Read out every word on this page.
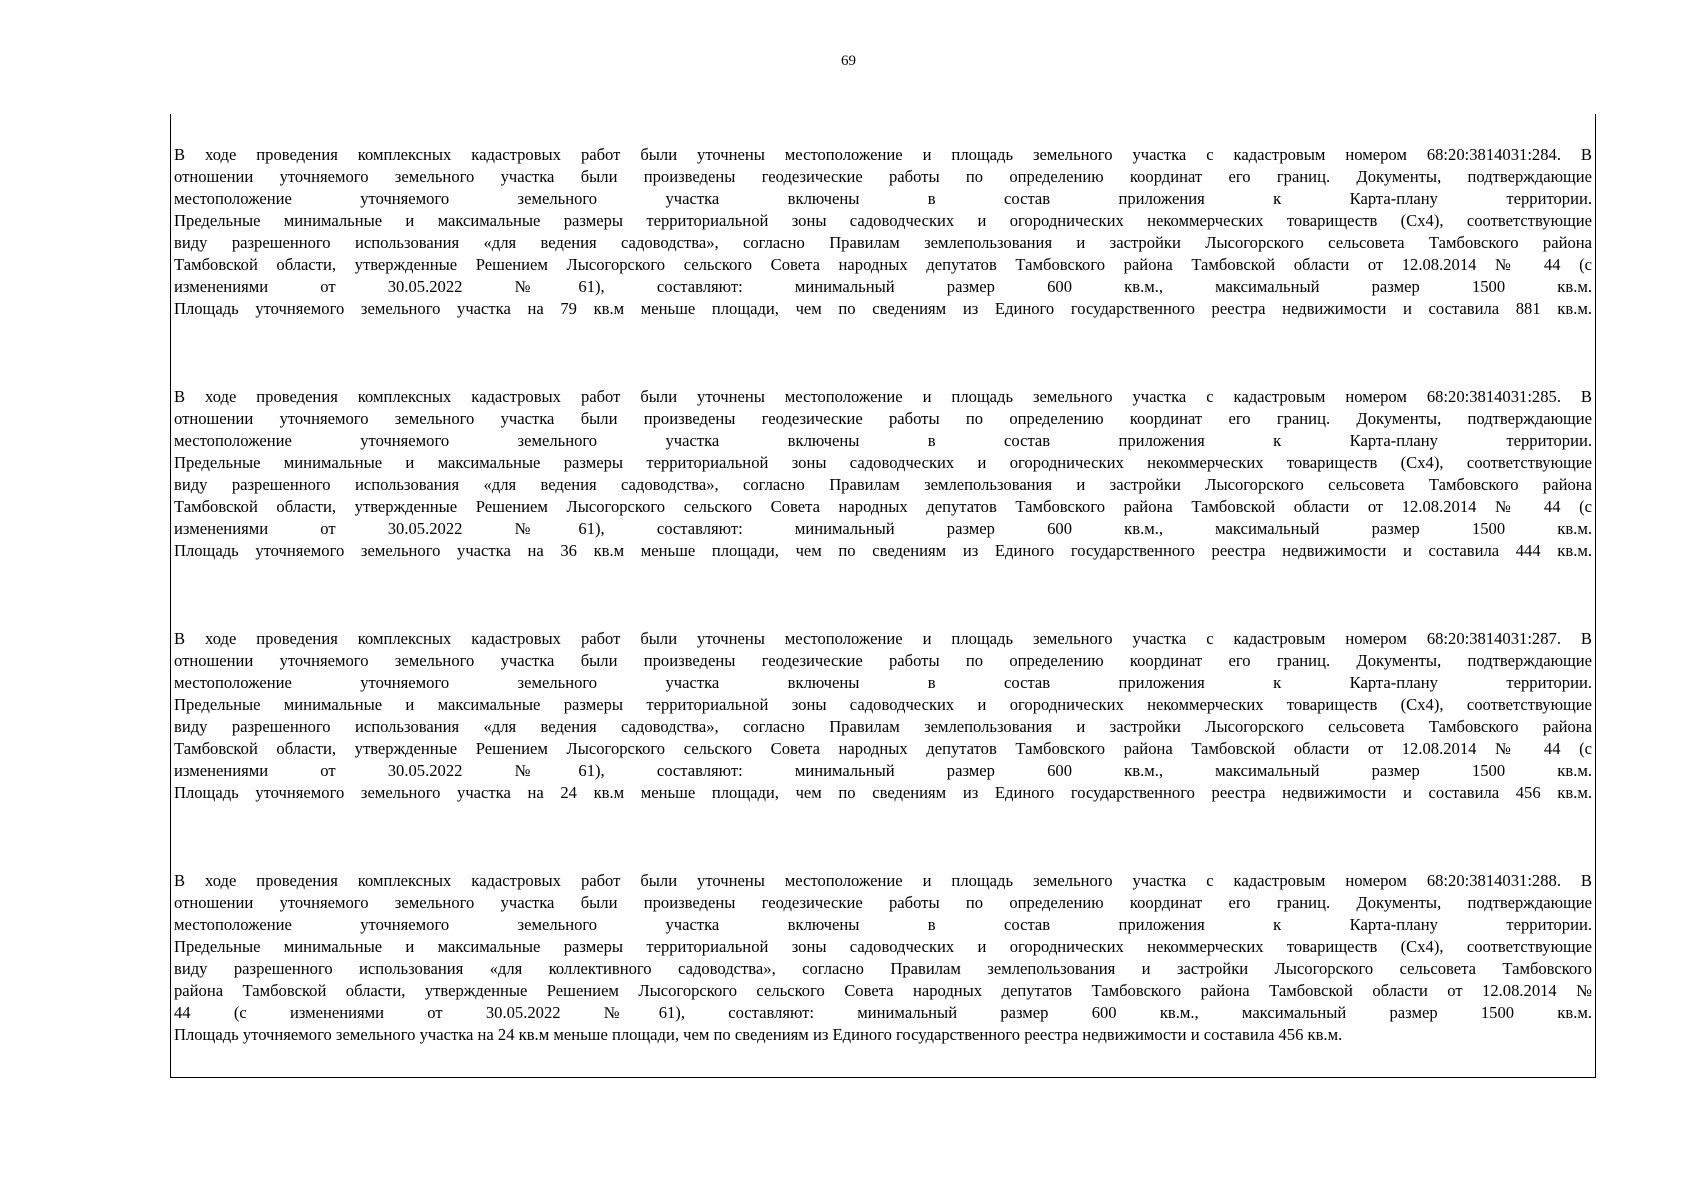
69
В ходе проведения комплексных кадастровых работ были уточнены местоположение и площадь земельного участка с кадастровым номером 68:20:3814031:284. В
отношении уточняемого земельного участка были произведены геодезические работы по определению координат его границ. Документы, подтверждающие
местоположение уточняемого земельного участка включены в состав приложения к Карта-плану территории.
Предельные минимальные и максимальные размеры территориальной зоны садоводческих и огороднических некоммерческих товариществ (Сх4), соответствующие
виду разрешенного использования «для ведения садоводства», согласно Правилам землепользования и застройки Лысогорского сельсовета Тамбовского района
Тамбовской области, утвержденные Решением Лысогорского сельского Совета народных депутатов Тамбовского района Тамбовской области от 12.08.2014 № 44 (с
изменениями от 30.05.2022 №61), составляют: минимальный размер 600 кв.м., максимальный размер 1500 кв.м.
Площадь уточняемого земельного участка на 79 кв.м меньше площади, чем по сведениям из Единого государственного реестра недвижимости и составила 881 кв.м.
В ходе проведения комплексных кадастровых работ были уточнены местоположение и площадь земельного участка с кадастровым номером 68:20:3814031:285. В
отношении уточняемого земельного участка были произведены геодезические работы по определению координат его границ. Документы, подтверждающие
местоположение уточняемого земельного участка включены в состав приложения к Карта-плану территории.
Предельные минимальные и максимальные размеры территориальной зоны садоводческих и огороднических некоммерческих товариществ (Сх4), соответствующие
виду разрешенного использования «для ведения садоводства», согласно Правилам землепользования и застройки Лысогорского сельсовета Тамбовского района
Тамбовской области, утвержденные Решением Лысогорского сельского Совета народных депутатов Тамбовского района Тамбовской области от 12.08.2014 № 44 (с
изменениями от 30.05.2022 №61), составляют: минимальный размер 600 кв.м., максимальный размер 1500 кв.м.
Площадь уточняемого земельного участка на 36 кв.м меньше площади, чем по сведениям из Единого государственного реестра недвижимости и составила 444 кв.м.
В ходе проведения комплексных кадастровых работ были уточнены местоположение и площадь земельного участка с кадастровым номером 68:20:3814031:287. В
отношении уточняемого земельного участка были произведены геодезические работы по определению координат его границ. Документы, подтверждающие
местоположение уточняемого земельного участка включены в состав приложения к Карта-плану территории.
Предельные минимальные и максимальные размеры территориальной зоны садоводческих и огороднических некоммерческих товариществ (Сх4), соответствующие
виду разрешенного использования «для ведения садоводства», согласно Правилам землепользования и застройки Лысогорского сельсовета Тамбовского района
Тамбовской области, утвержденные Решением Лысогорского сельского Совета народных депутатов Тамбовского района Тамбовской области от 12.08.2014 № 44 (с
изменениями от 30.05.2022 №61), составляют: минимальный размер 600 кв.м., максимальный размер 1500 кв.м.
Площадь уточняемого земельного участка на 24 кв.м меньше площади, чем по сведениям из Единого государственного реестра недвижимости и составила 456 кв.м.
В ходе проведения комплексных кадастровых работ были уточнены местоположение и площадь земельного участка с кадастровым номером 68:20:3814031:288. В
отношении уточняемого земельного участка были произведены геодезические работы по определению координат его границ. Документы, подтверждающие
местоположение уточняемого земельного участка включены в состав приложения к Карта-плану территории.
Предельные минимальные и максимальные размеры территориальной зоны садоводческих и огороднических некоммерческих товариществ (Сх4), соответствующие
виду разрешенного использования «для коллективного садоводства», согласно Правилам землепользования и застройки Лысогорского сельсовета Тамбовского
района Тамбовской области, утвержденные Решением Лысогорского сельского Совета народных депутатов Тамбовского района Тамбовской области от 12.08.2014 №
44 (с изменениями от 30.05.2022 №61), составляют: минимальный размер 600 кв.м., максимальный размер 1500 кв.м.
Площадь уточняемого земельного участка на 24 кв.м меньше площади, чем по сведениям из Единого государственного реестра недвижимости и составила 456 кв.м.
